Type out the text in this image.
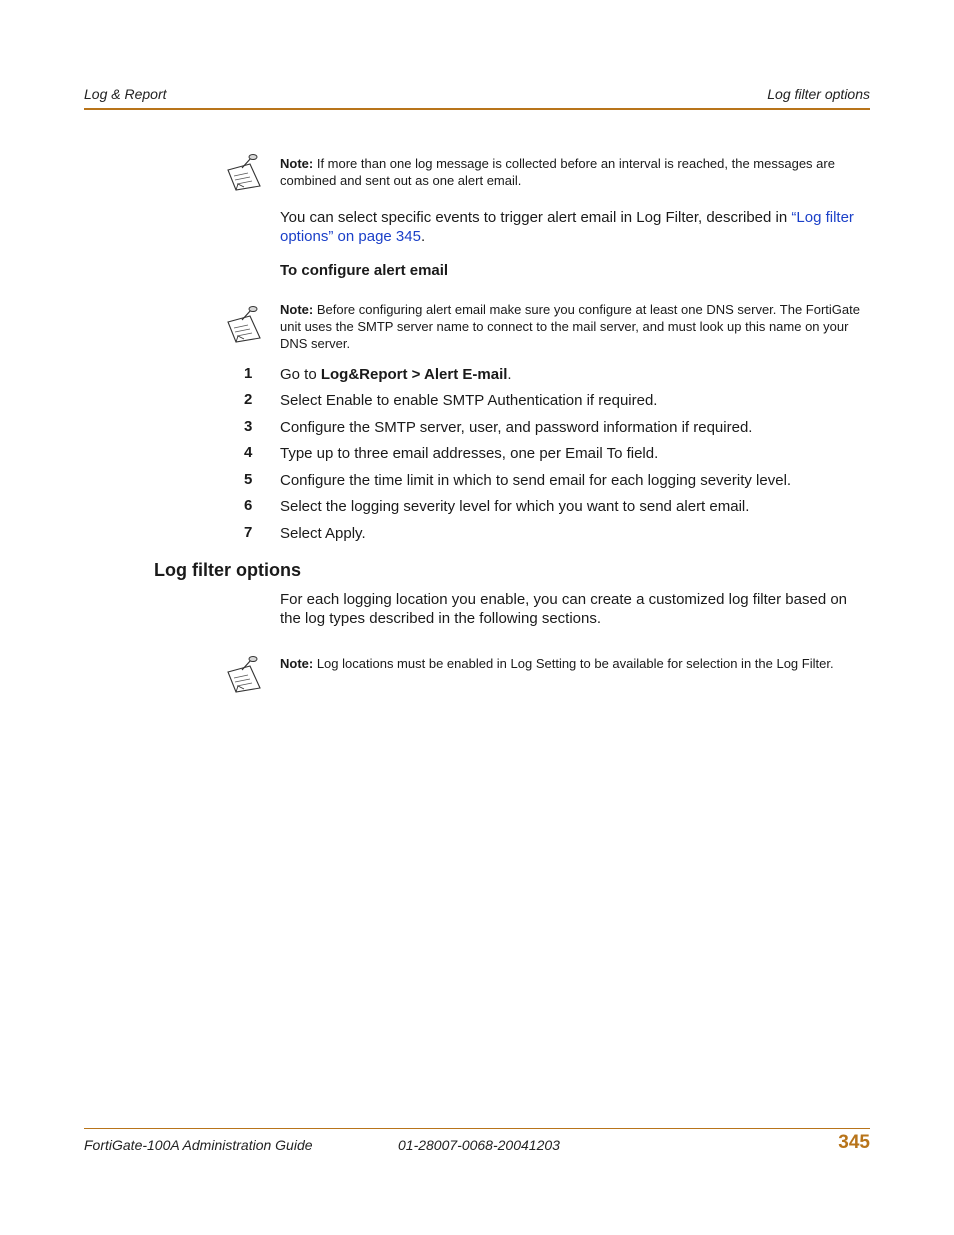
Log & Report	Log filter options
Note: If more than one log message is collected before an interval is reached, the messages are combined and sent out as one alert email.
You can select specific events to trigger alert email in Log Filter, described in “Log filter options” on page 345.
To configure alert email
Note: Before configuring alert email make sure you configure at least one DNS server. The FortiGate unit uses the SMTP server name to connect to the mail server, and must look up this name on your DNS server.
1 Go to Log&Report > Alert E-mail.
2 Select Enable to enable SMTP Authentication if required.
3 Configure the SMTP server, user, and password information if required.
4 Type up to three email addresses, one per Email To field.
5 Configure the time limit in which to send email for each logging severity level.
6 Select the logging severity level for which you want to send alert email.
7 Select Apply.
Log filter options
For each logging location you enable, you can create a customized log filter based on the log types described in the following sections.
Note: Log locations must be enabled in Log Setting to be available for selection in the Log Filter.
FortiGate-100A Administration Guide	01-28007-0068-20041203	345
